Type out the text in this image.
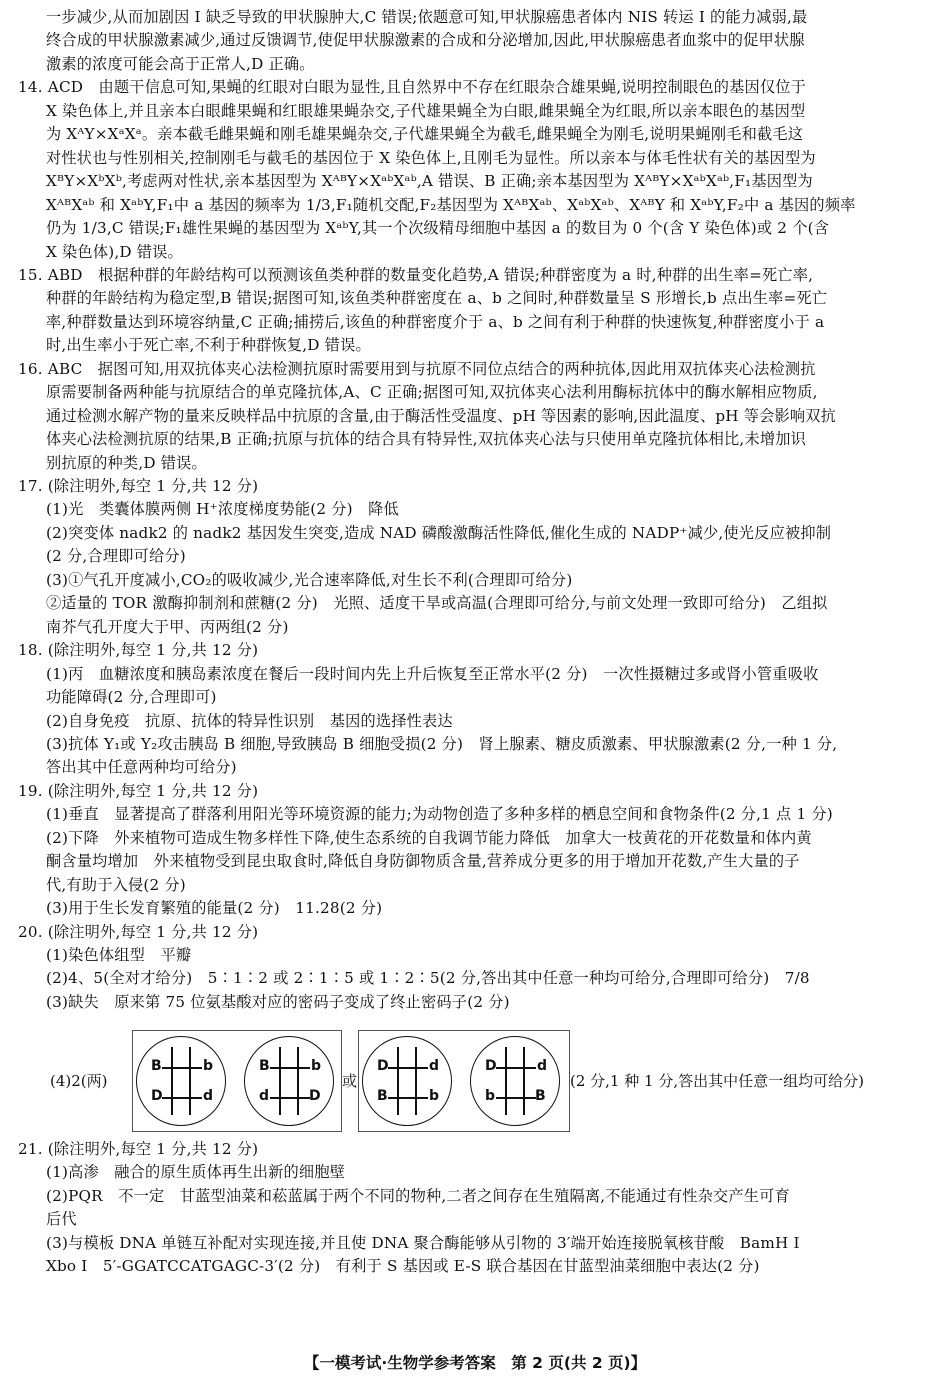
一步减少,从而加剧因 I 缺乏导致的甲状腺肿大,C 错误;依题意可知,甲状腺癌患者体内 NIS 转运 I 的能力减弱,最
终合成的甲状腺激素减少,通过反馈调节,使促甲状腺激素的合成和分泌增加,因此,甲状腺癌患者血浆中的促甲状腺
激素的浓度可能会高于正常人,D 正确。
14. ACD　由题干信息可知,果蝇的红眼对白眼为显性,且自然界中不存在红眼杂合雄果蝇,说明控制眼色的基因仅位于
X 染色体上,并且亲本白眼雌果蝇和红眼雄果蝇杂交,子代雄果蝇全为白眼,雌果蝇全为红眼,所以亲本眼色的基因型
为 XᴬY×XᵃXᵃ。亲本截毛雌果蝇和刚毛雄果蝇杂交,子代雄果蝇全为截毛,雌果蝇全为刚毛,说明果蝇刚毛和截毛这
对性状也与性别相关,控制刚毛与截毛的基因位于 X 染色体上,且刚毛为显性。所以亲本与体毛性状有关的基因型为
XᴮY×XᵇXᵇ,考虑两对性状,亲本基因型为 XᴬᴮY×XᵃᵇXᵃᵇ,A 错误、B 正确;亲本基因型为 XᴬᴮY×XᵃᵇXᵃᵇ,F₁基因型为
XᴬᴮXᵃᵇ 和 XᵃᵇY,F₁中 a 基因的频率为 1/3,F₁随机交配,F₂基因型为 XᴬᴮXᵃᵇ、XᵃᵇXᵃᵇ、XᴬᴮY 和 XᵃᵇY,F₂中 a 基因的频率
仍为 1/3,C 错误;F₁雄性果蝇的基因型为 XᵃᵇY,其一个次级精母细胞中基因 a 的数目为 0 个(含 Y 染色体)或 2 个(含
X 染色体),D 错误。
15. ABD　根据种群的年龄结构可以预测该鱼类种群的数量变化趋势,A 错误;种群密度为 a 时,种群的出生率=死亡率,
种群的年龄结构为稳定型,B 错误;据图可知,该鱼类种群密度在 a、b 之间时,种群数量呈 S 形增长,b 点出生率=死亡
率,种群数量达到环境容纳量,C 正确;捕捞后,该鱼的种群密度介于 a、b 之间有利于种群的快速恢复,种群密度小于 a
时,出生率小于死亡率,不利于种群恢复,D 错误。
16. ABC　据图可知,用双抗体夹心法检测抗原时需要用到与抗原不同位点结合的两种抗体,因此用双抗体夹心法检测抗
原需要制备两种能与抗原结合的单克隆抗体,A、C 正确;据图可知,双抗体夹心法利用酶标抗体中的酶水解相应物质,
通过检测水解产物的量来反映样品中抗原的含量,由于酶活性受温度、pH 等因素的影响,因此温度、pH 等会影响双抗
体夹心法检测抗原的结果,B 正确;抗原与抗体的结合具有特异性,双抗体夹心法与只使用单克隆抗体相比,未增加识
别抗原的种类,D 错误。
17. (除注明外,每空 1 分,共 12 分)
(1)光　类囊体膜两侧 H⁺浓度梯度势能(2 分)　降低
(2)突变体 nadk2 的 nadk2 基因发生突变,造成 NAD 磷酸激酶活性降低,催化生成的 NADP⁺减少,使光反应被抑制
(2 分,合理即可给分)
(3)①气孔开度减小,CO₂的吸收减少,光合速率降低,对生长不利(合理即可给分)
②适量的 TOR 激酶抑制剂和蔗糖(2 分)　光照、适度干旱或高温(合理即可给分,与前文处理一致即可给分)　乙组拟
南芥气孔开度大于甲、丙两组(2 分)
18. (除注明外,每空 1 分,共 12 分)
(1)丙　血糖浓度和胰岛素浓度在餐后一段时间内先上升后恢复至正常水平(2 分)　一次性摄糖过多或肾小管重吸收
功能障碍(2 分,合理即可)
(2)自身免疫　抗原、抗体的特异性识别　基因的选择性表达
(3)抗体 Y₁或 Y₂攻击胰岛 B 细胞,导致胰岛 B 细胞受损(2 分)　肾上腺素、糖皮质激素、甲状腺激素(2 分,一种 1 分,
答出其中任意两种均可给分)
19. (除注明外,每空 1 分,共 12 分)
(1)垂直　显著提高了群落利用阳光等环境资源的能力;为动物创造了多种多样的栖息空间和食物条件(2 分,1 点 1 分)
(2)下降　外来植物可造成生物多样性下降,使生态系统的自我调节能力降低　加拿大一枝黄花的开花数量和体内黄
酮含量均增加　外来植物受到昆虫取食时,降低自身防御物质含量,营养成分更多的用于增加开花数,产生大量的子
代,有助于入侵(2 分)
(3)用于生长发育繁殖的能量(2 分)　11.28(2 分)
20. (除注明外,每空 1 分,共 12 分)
(1)染色体组型　平瓣
(2)4、5(全对才给分)　5∶1∶2 或 2∶1∶5 或 1∶2∶5(2 分,答出其中任意一种均可给分,合理即可给分)　7/8
(3)缺失　原来第 75 位氨基酸对应的密码子变成了终止密码子(2 分)
(4)2(两)	或	(2 分,1 种 1 分,答出其中任意一组均可给分)
B	b
D	d
B	b
d	D
D	d
B	b
D	d
b	B
21. (除注明外,每空 1 分,共 12 分)
(1)高渗　融合的原生质体再生出新的细胞壁
(2)PQR　不一定　甘蓝型油菜和菘蓝属于两个不同的物种,二者之间存在生殖隔离,不能通过有性杂交产生可育
后代
(3)与模板 DNA 单链互补配对实现连接,并且使 DNA 聚合酶能够从引物的 3′端开始连接脱氧核苷酸　BamH Ⅰ
Xbo Ⅰ　5′-GGATCCATGAGC-3′(2 分)　有利于 S 基因或 E-S 联合基因在甘蓝型油菜细胞中表达(2 分)
【一模考试·生物学参考答案　第 2 页(共 2 页)】
